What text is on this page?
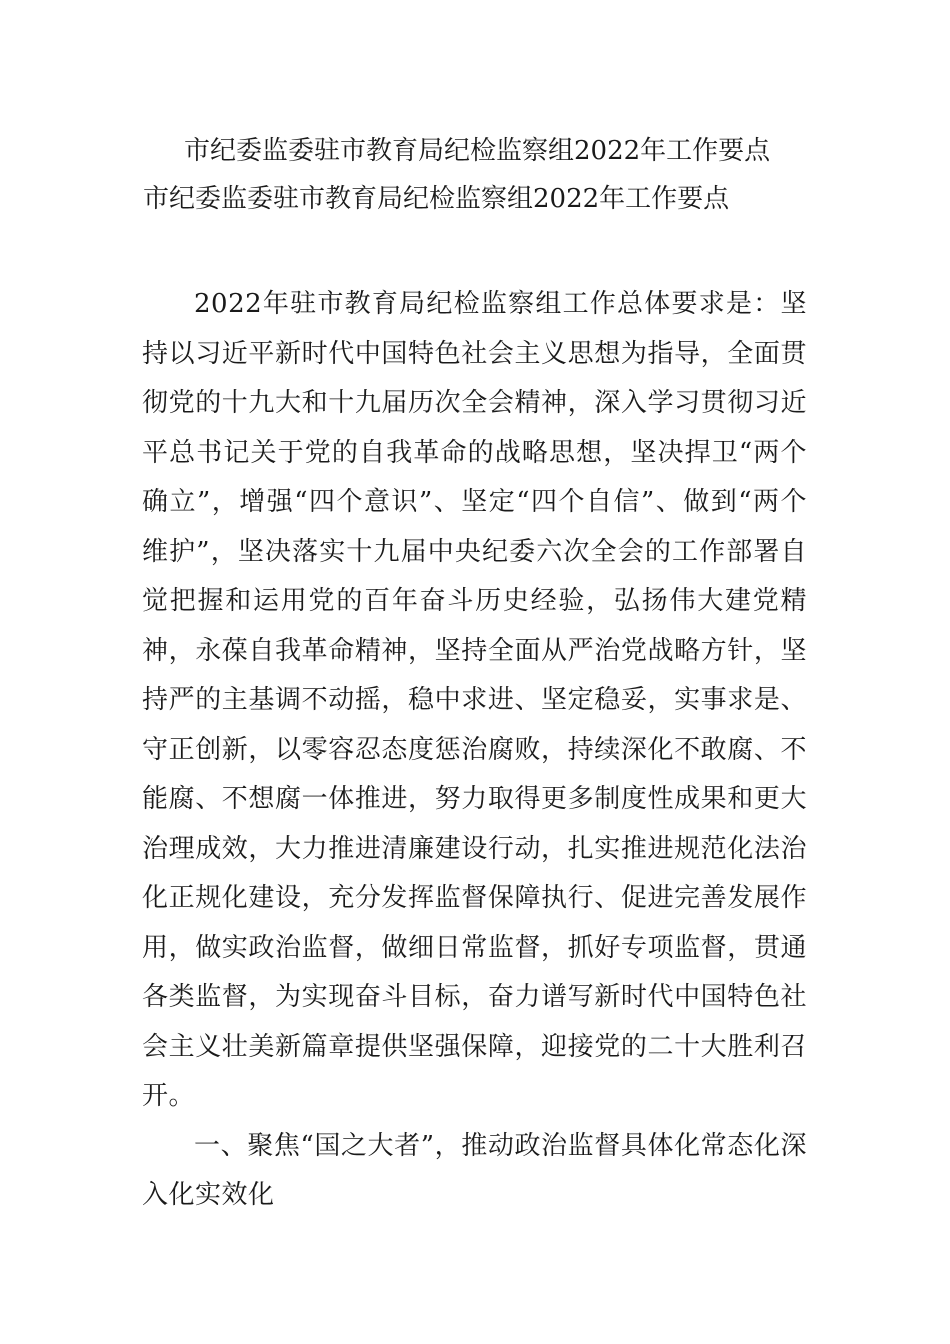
市纪委监委驻市教育局纪检监察组2022年工作要点
市纪委监委驻市教育局纪检监察组2022年工作要点

2022年驻市教育局纪检监察组工作总体要求是：坚持以习近平新时代中国特色社会主义思想为指导，全面贯彻党的十九大和十九届历次全会精神，深入学习贯彻习近平总书记关于党的自我革命的战略思想，坚决捍卫“两个确立”，增强“四个意识”、坚定“四个自信”、做到“两个维护”，坚决落实十九届中央纪委六次全会的工作部署自觉把握和运用党的百年奋斗历史经验，弘扬伟大建党精神，永葆自我革命精神，坚持全面从严治党战略方针，坚持严的主基调不动摇，稳中求进、坚定稳妥，实事求是、守正创新，以零容忍态度惩治腐败，持续深化不敢腐、不能腐、不想腐一体推进，努力取得更多制度性成果和更大治理成效，大力推进清廉建设行动，扎实推进规范化法治化正规化建设，充分发挥监督保障执行、促进完善发展作用，做实政治监督，做细日常监督，抓好专项监督，贯通各类监督，为实现奋斗目标，奋力谱写新时代中国特色社会主义壮美新篇章提供坚强保障，迎接党的二十大胜利召开。

一、聚焦“国之大者”，推动政治监督具体化常态化深入化实效化
